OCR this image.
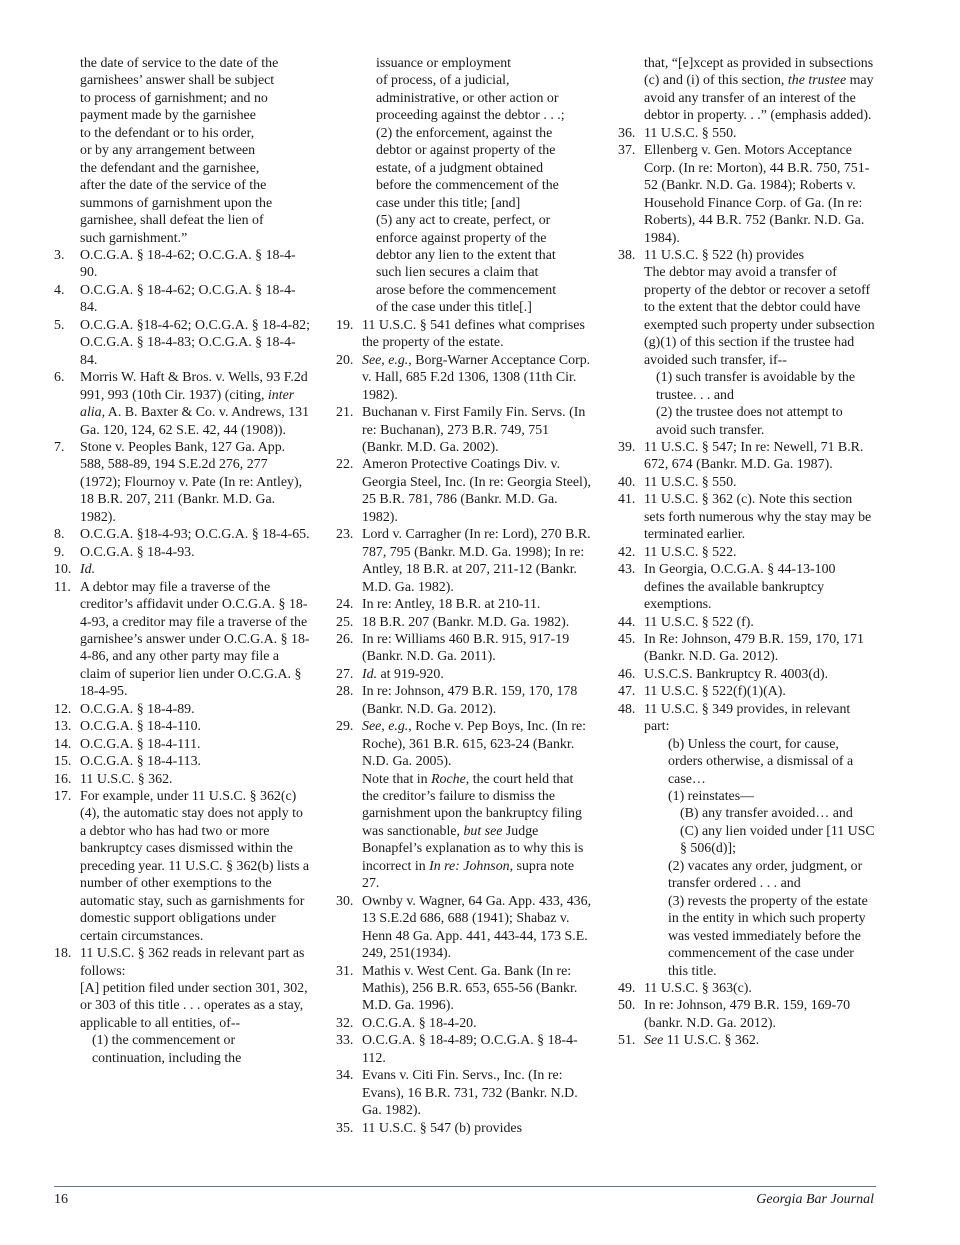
the date of service to the date of the
garnishees’ answer shall be subject
to process of garnishment; and no
payment made by the garnishee
to the defendant or to his order,
or by any arrangement between
the defendant and the garnishee,
after the date of the service of the
summons of garnishment upon the
garnishee, shall defeat the lien of
such garnishment.”

3. O.C.G.A. § 18-4-62; O.C.G.A. § 18-4-90.

4. O.C.G.A. § 18-4-62; O.C.G.A. § 18-4-84.

5. O.C.G.A. §18-4-62; O.C.G.A. § 18-4-82; O.C.G.A. § 18-4-83; O.C.G.A. § 18-4-84.

6. Morris W. Haft & Bros. v. Wells, 93 F.2d 991, 993 (10th Cir. 1937) (citing, inter alia, A. B. Baxter & Co. v. Andrews, 131 Ga. 120, 124, 62 S.E. 42, 44 (1908)).

7. Stone v. Peoples Bank, 127 Ga. App. 588, 588-89, 194 S.E.2d 276, 277 (1972); Flournoy v. Pate (In re: Antley), 18 B.R. 207, 211 (Bankr. M.D. Ga. 1982).

8. O.C.G.A. §18-4-93; O.C.G.A. § 18-4-65.

9. O.C.G.A. § 18-4-93.

10. Id.

11. A debtor may file a traverse of the creditor’s affidavit under O.C.G.A. § 18-4-93, a creditor may file a traverse of the garnishee’s answer under O.C.G.A. § 18-4-86, and any other party may file a claim of superior lien under O.C.G.A. § 18-4-95.

12. O.C.G.A. § 18-4-89.

13. O.C.G.A. § 18-4-110.

14. O.C.G.A. § 18-4-111.

15. O.C.G.A. § 18-4-113.

16. 11 U.S.C. § 362.

17. For example, under 11 U.S.C. § 362(c)(4), the automatic stay does not apply to a debtor who has had two or more bankruptcy cases dismissed within the preceding year. 11 U.S.C. § 362(b) lists a number of other exemptions to the automatic stay, such as garnishments for domestic support obligations under certain circumstances.

18. 11 U.S.C. § 362 reads in relevant part as follows:

[A] petition filed under section 301, 302, or 303 of this title . . . operates as a stay, applicable to all entities, of--

(1) the commencement or continuation, including the

issuance or employment
of process, of a judicial,
administrative, or other action or
proceeding against the debtor . . .;
(2) the enforcement, against the
debtor or against property of the
estate, of a judgment obtained
before the commencement of the
case under this title; [and]
(5) any act to create, perfect, or
enforce against property of the
debtor any lien to the extent that
such lien secures a claim that
arose before the commencement
of the case under this title[.]

19. 11 U.S.C. § 541 defines what comprises the property of the estate.

20. See, e.g., Borg-Warner Acceptance Corp. v. Hall, 685 F.2d 1306, 1308 (11th Cir. 1982).

21. Buchanan v. First Family Fin. Servs. (In re: Buchanan), 273 B.R. 749, 751 (Bankr. M.D. Ga. 2002).

22. Ameron Protective Coatings Div. v. Georgia Steel, Inc. (In re: Georgia Steel), 25 B.R. 781, 786 (Bankr. M.D. Ga. 1982).

23. Lord v. Carragher (In re: Lord), 270 B.R. 787, 795 (Bankr. M.D. Ga. 1998); In re: Antley, 18 B.R. at 207, 211-12 (Bankr. M.D. Ga. 1982).

24. In re: Antley, 18 B.R. at 210-11.

25. 18 B.R. 207 (Bankr. M.D. Ga. 1982).

26. In re: Williams 460 B.R. 915, 917-19 (Bankr. N.D. Ga. 2011).

27. Id. at 919-920.

28. In re: Johnson, 479 B.R. 159, 170, 178 (Bankr. N.D. Ga. 2012).

29. See, e.g., Roche v. Pep Boys, Inc. (In re: Roche), 361 B.R. 615, 623-24 (Bankr. N.D. Ga. 2005).

Note that in Roche, the court held that the creditor’s failure to dismiss the garnishment upon the bankruptcy filing was sanctionable, but see Judge Bonapfel’s explanation as to why this is incorrect in In re: Johnson, supra note 27.

30. Ownby v. Wagner, 64 Ga. App. 433, 436, 13 S.E.2d 686, 688 (1941); Shabaz v. Henn 48 Ga. App. 441, 443-44, 173 S.E. 249, 251(1934).

31. Mathis v. West Cent. Ga. Bank (In re: Mathis), 256 B.R. 653, 655-56 (Bankr. M.D. Ga. 1996).

32. O.C.G.A. § 18-4-20.

33. O.C.G.A. § 18-4-89; O.C.G.A. § 18-4-112.

34. Evans v. Citi Fin. Servs., Inc. (In re: Evans), 16 B.R. 731, 732 (Bankr. N.D. Ga. 1982).

35. 11 U.S.C. § 547 (b) provides

that, “[e]xcept as provided in subsections (c) and (i) of this section, the trustee may avoid any transfer of an interest of the debtor in property. . .” (emphasis added).

36. 11 U.S.C. § 550.

37. Ellenberg v. Gen. Motors Acceptance Corp. (In re: Morton), 44 B.R. 750, 751-52 (Bankr. N.D. Ga. 1984); Roberts v. Household Finance Corp. of Ga. (In re: Roberts), 44 B.R. 752 (Bankr. N.D. Ga. 1984).

38. 11 U.S.C. § 522 (h) provides

The debtor may avoid a transfer of property of the debtor or recover a setoff to the extent that the debtor could have exempted such property under subsection (g)(1) of this section if the trustee had avoided such transfer, if--

(1) such transfer is avoidable by the trustee. . . and

(2) the trustee does not attempt to avoid such transfer.

39. 11 U.S.C. § 547; In re: Newell, 71 B.R. 672, 674 (Bankr. M.D. Ga. 1987).

40. 11 U.S.C. § 550.

41. 11 U.S.C. § 362 (c). Note this section sets forth numerous why the stay may be terminated earlier.

42. 11 U.S.C. § 522.

43. In Georgia, O.C.G.A. § 44-13-100 defines the available bankruptcy exemptions.

44. 11 U.S.C. § 522 (f).

45. In Re: Johnson, 479 B.R. 159, 170, 171 (Bankr. N.D. Ga. 2012).

46. U.S.C.S. Bankruptcy R. 4003(d).

47. 11 U.S.C. § 522(f)(1)(A).

48. 11 U.S.C. § 349 provides, in relevant part:

(b) Unless the court, for cause, orders otherwise, a dismissal of a case…

(1) reinstates—

(B) any transfer avoided… and

(C) any lien voided under [11 USC § 506(d)];

(2) vacates any order, judgment, or transfer ordered . . . and

(3) revests the property of the estate in the entity in which such property was vested immediately before the commencement of the case under this title.

49. 11 U.S.C. § 363(c).

50. In re: Johnson, 479 B.R. 159, 169-70 (bankr. N.D. Ga. 2012).

51. See 11 U.S.C. § 362.

16	Georgia Bar Journal
